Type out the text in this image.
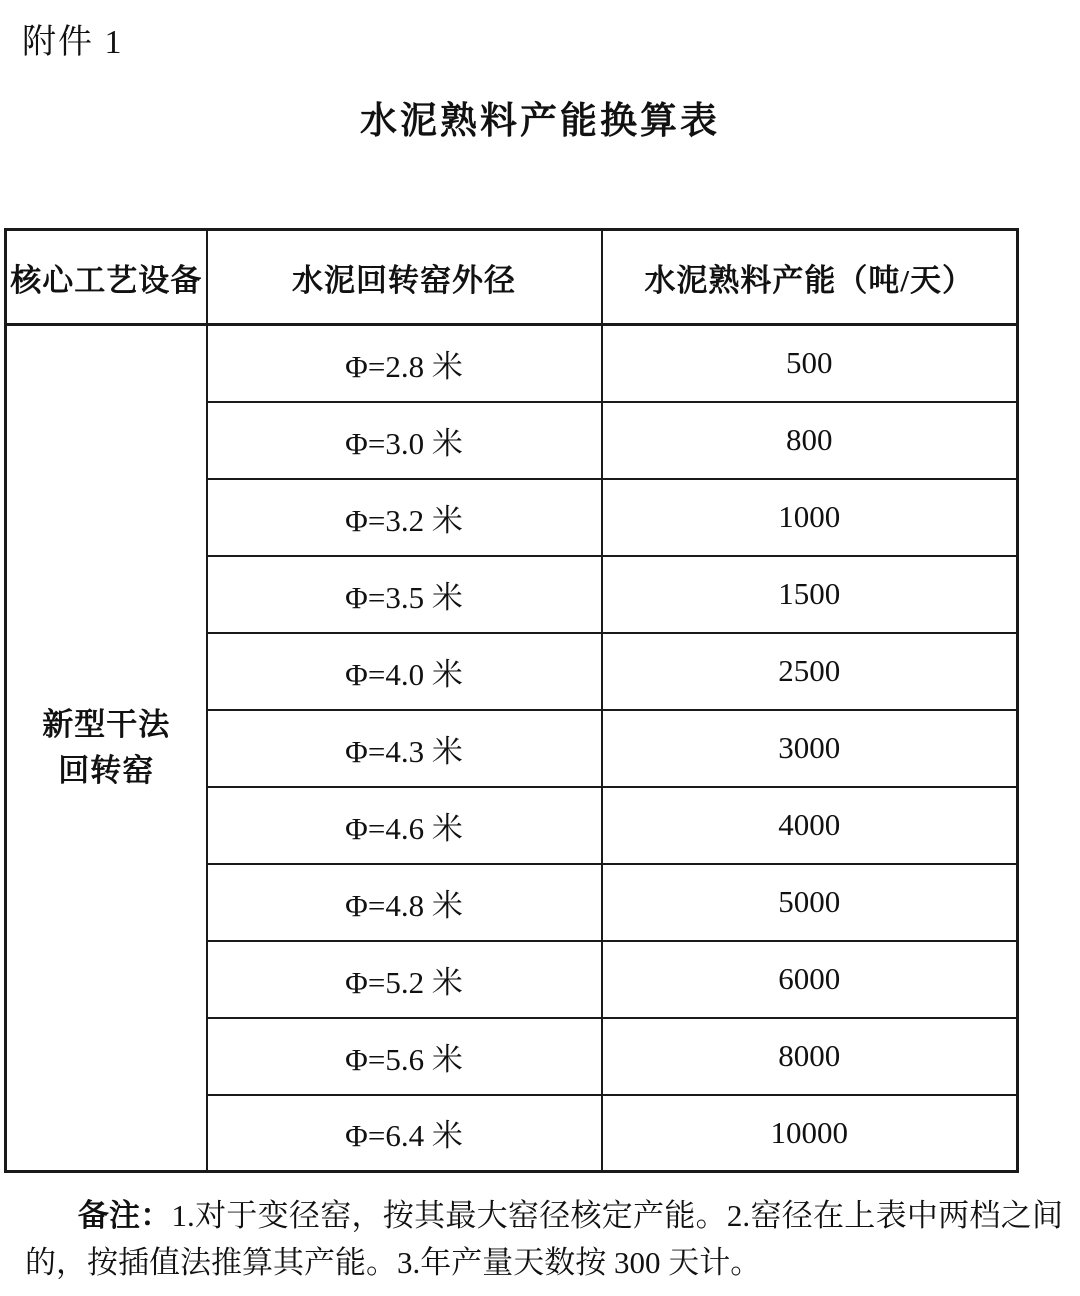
附件 1
水泥熟料产能换算表
核心工艺设备	水泥回转窑外径	水泥熟料产能（吨/天）

新型干法
回转窑	Φ=2.8 米	500
	Φ=3.0 米	800
	Φ=3.2 米	1000
	Φ=3.5 米	1500
	Φ=4.0 米	2500
	Φ=4.3 米	3000
	Φ=4.6 米	4000
	Φ=4.8 米	5000
	Φ=5.2 米	6000
	Φ=5.6 米	8000
	Φ=6.4 米	10000

备注：1.对于变径窑，按其最大窑径核定产能。2.窑径在上表中两档之间的，按插值法推算其产能。3.年产量天数按 300 天计。
